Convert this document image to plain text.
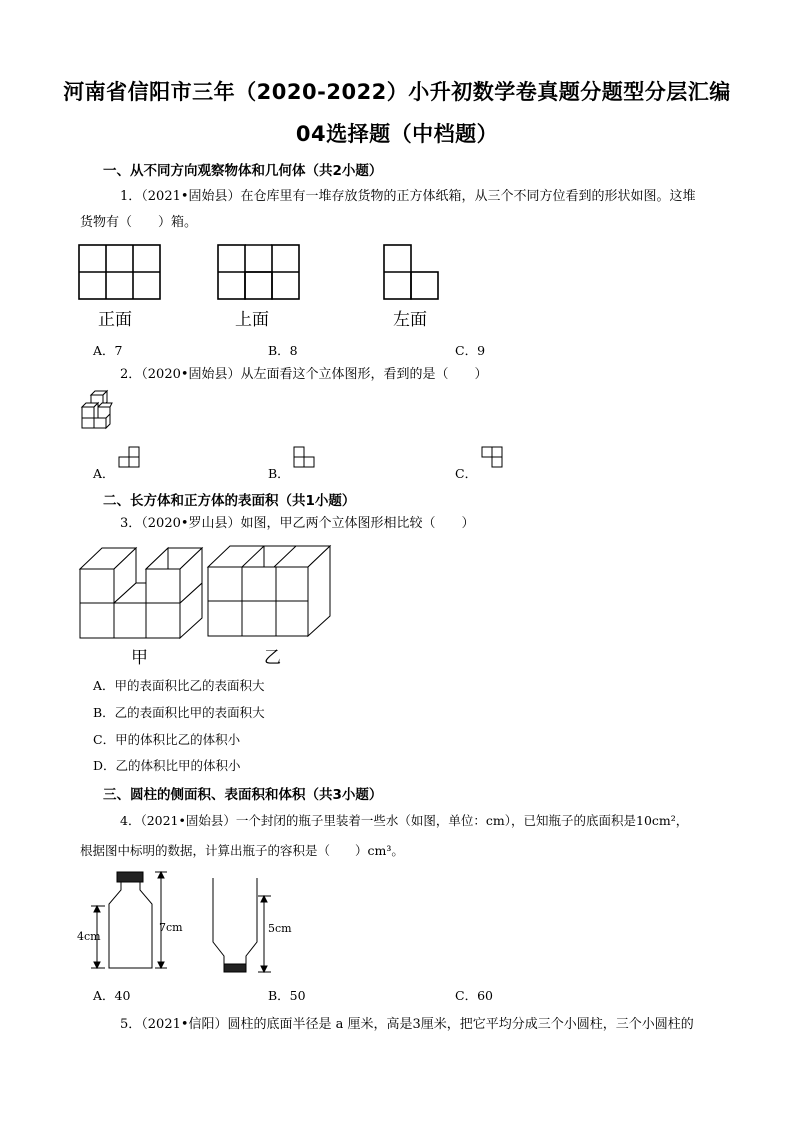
河南省信阳市三年（2020-2022）小升初数学卷真题分题型分层汇编
04选择题（中档题）
一、从不同方向观察物体和几何体（共2小题）
1．（2021•固始县）在仓库里有一堆存放货物的正方体纸箱，从三个不同方位看到的形状如图。这堆
货物有（　　）箱。
正面	上面	左面
A．7	B．8	C．9
2．（2020•固始县）从左面看这个立体图形，看到的是（　　）
A．	B．	C．
二、长方体和正方体的表面积（共1小题）
3．（2020•罗山县）如图，甲乙两个立体图形相比较（　　）
甲	乙
A．甲的表面积比乙的表面积大
B．乙的表面积比甲的表面积大
C．甲的体积比乙的体积小
D．乙的体积比甲的体积小
三、圆柱的侧面积、表面积和体积（共3小题）
4．（2021•固始县）一个封闭的瓶子里装着一些水（如图，单位：cm），已知瓶子的底面积是10cm²，
根据图中标明的数据，计算出瓶子的容积是（　　）cm³。
4cm
7cm	5cm
A．40	B．50	C．60
5．（2021•信阳）圆柱的底面半径是 a 厘米，高是3厘米，把它平均分成三个小圆柱，三个小圆柱的
